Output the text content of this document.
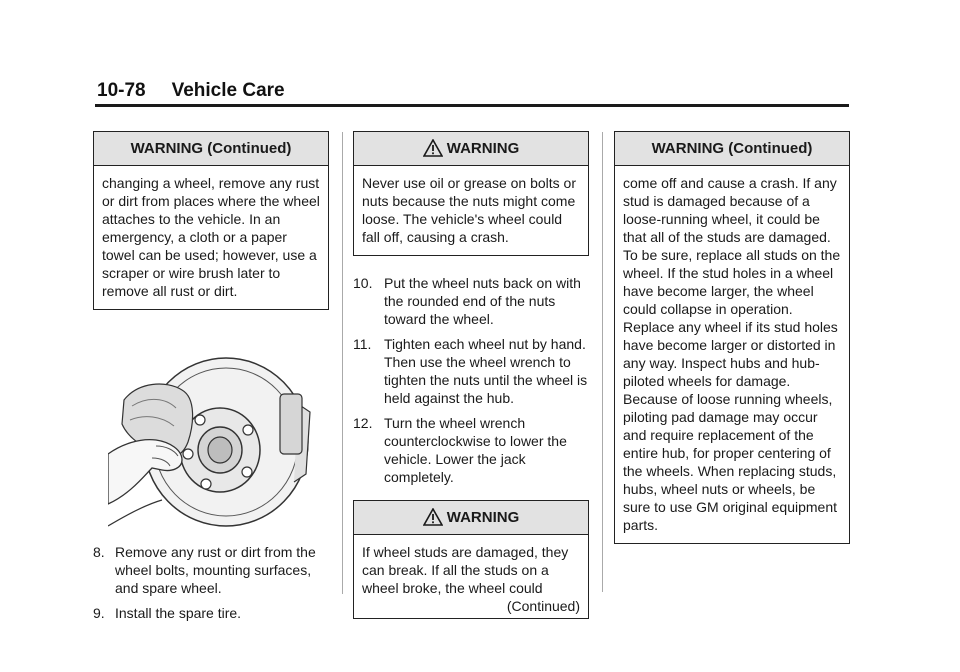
10-78 Vehicle Care
WARNING (Continued)
changing a wheel, remove any rust or dirt from places where the wheel attaches to the vehicle. In an emergency, a cloth or a paper towel can be used; however, use a scraper or wire brush later to remove all rust or dirt.
8. Remove any rust or dirt from the wheel bolts, mounting surfaces, and spare wheel.
9. Install the spare tire.
WARNING
Never use oil or grease on bolts or nuts because the nuts might come loose. The vehicle's wheel could fall off, causing a crash.
10. Put the wheel nuts back on with the rounded end of the nuts toward the wheel.
11. Tighten each wheel nut by hand. Then use the wheel wrench to tighten the nuts until the wheel is held against the hub.
12. Turn the wheel wrench counterclockwise to lower the vehicle. Lower the jack completely.
WARNING
If wheel studs are damaged, they can break. If all the studs on a wheel broke, the wheel could
(Continued)
WARNING (Continued)
come off and cause a crash. If any stud is damaged because of a loose-running wheel, it could be that all of the studs are damaged. To be sure, replace all studs on the wheel. If the stud holes in a wheel have become larger, the wheel could collapse in operation. Replace any wheel if its stud holes have become larger or distorted in any way. Inspect hubs and hub-piloted wheels for damage. Because of loose running wheels, piloting pad damage may occur and require replacement of the entire hub, for proper centering of the wheels. When replacing studs, hubs, wheel nuts or wheels, be sure to use GM original equipment parts.
